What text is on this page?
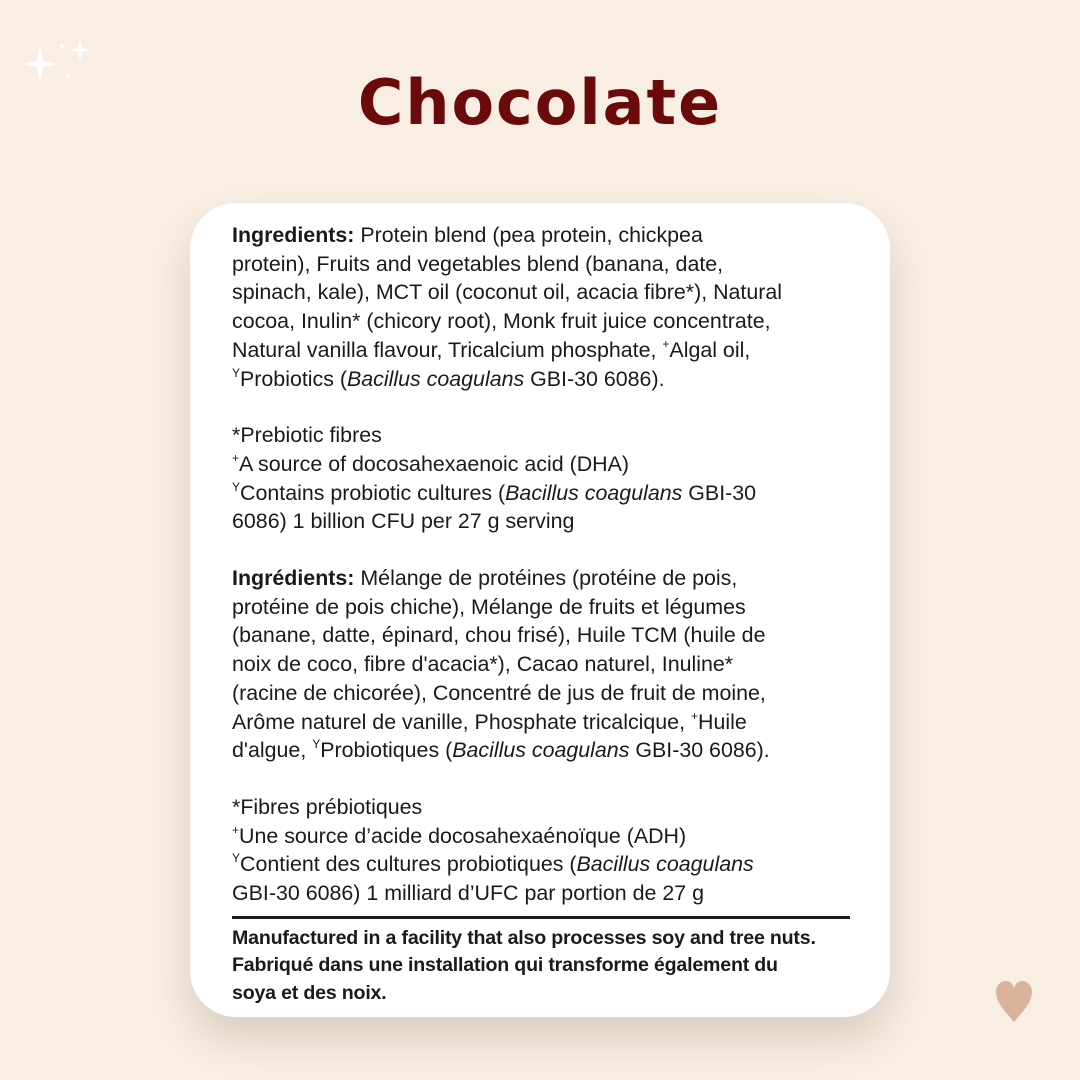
Chocolate

Ingredients: Protein blend (pea protein, chickpea
protein), Fruits and vegetables blend (banana, date,
spinach, kale), MCT oil (coconut oil, acacia fibre*), Natural
cocoa, Inulin* (chicory root), Monk fruit juice concentrate,
Natural vanilla flavour, Tricalcium phosphate, +Algal oil,
$^Y$Probiotics (Bacillus coagulans GBI-30 6086).

*Prebiotic fibres
+A source of docosahexaenoic acid (DHA)
$^Y$Contains probiotic cultures (Bacillus coagulans GBI-30
6086) 1 billion CFU per 27 g serving

Ingrédients: Mélange de protéines (protéine de pois,
protéine de pois chiche), Mélange de fruits et légumes
(banane, datte, épinard, chou frisé), Huile TCM (huile de
noix de coco, fibre d'acacia*), Cacao naturel, Inuline*
(racine de chicorée), Concentré de jus de fruit de moine,
Arôme naturel de vanille, Phosphate tricalcique, +Huile
d'algue, $^Y$Probiotiques (Bacillus coagulans GBI-30 6086).

*Fibres prébiotiques
+Une source d’acide docosahexaénoïque (ADH)
$^Y$Contient des cultures probiotiques (Bacillus coagulans
GBI-30 6086) 1 milliard d’UFC par portion de 27 g

Manufactured in a facility that also processes soy and tree nuts.
Fabriqué dans une installation qui transforme également du
soya et des noix.
